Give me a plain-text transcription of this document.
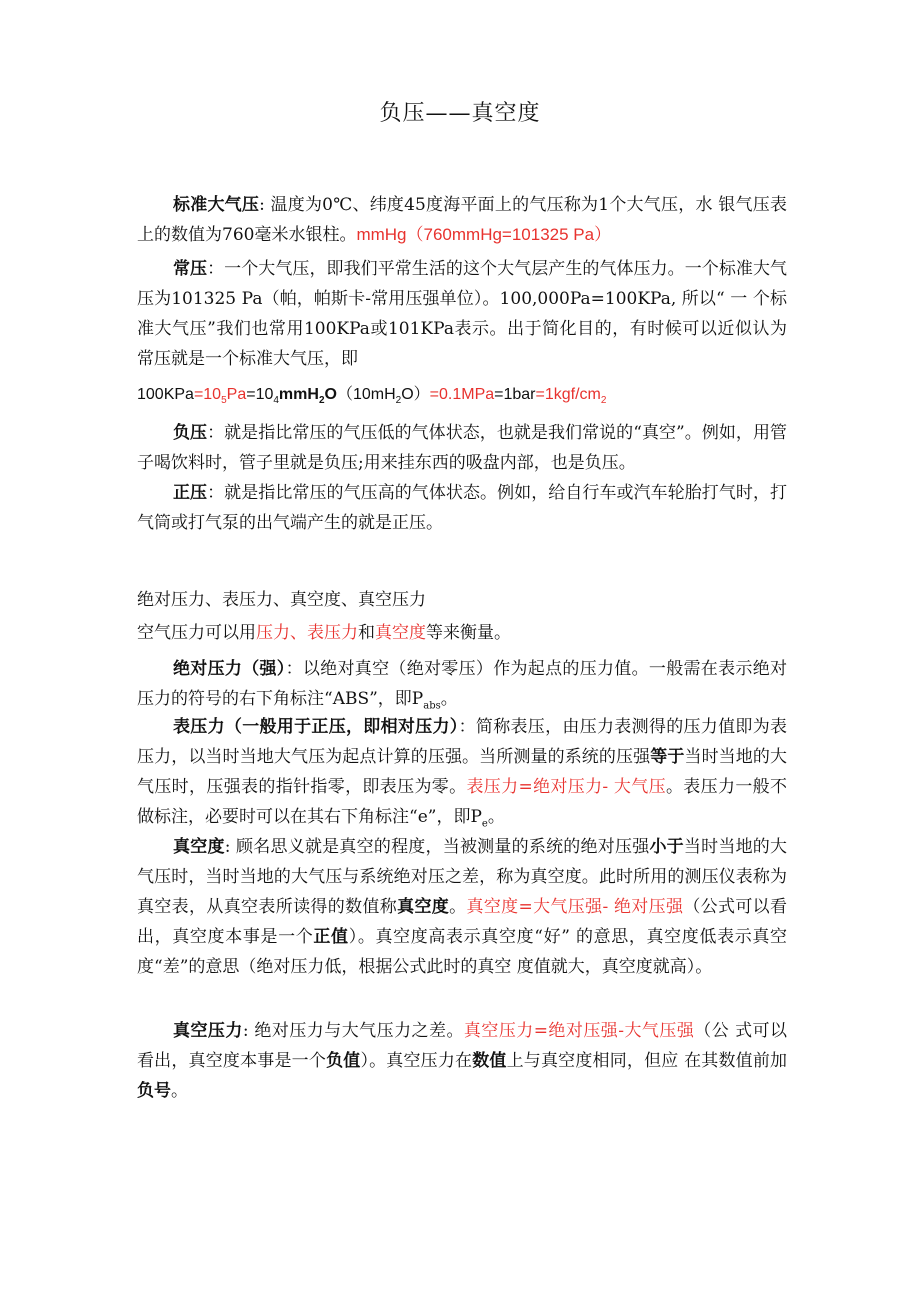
负压——真空度
标准大气压: 温度为0℃、纬度45度海平面上的气压称为1个大气压，水 银气压表上的数值为760毫米水银柱。mmHg（760mmHg=101325 Pa）
常压：一个大气压，即我们平常生活的这个大气层产生的气体压力。一个标准大气压为101325 Pa（帕，帕斯卡-常用压强单位）。100,000Pa=100KPa, 所以“ 一 个标准大气压”我们也常用100KPa或101KPa表示。出于简化目的，有时候可以近似认为常压就是一个标准大气压，即
$100KPa=10_5Pa=10_4mmH_2O(10mH_2O)=0.1MPa=1bar=1kgf/cm_2$
负压：就是指比常压的气压低的气体状态，也就是我们常说的“真空”。例如，用管子喝饮料时，管子里就是负压;用来挂东西的吸盘内部，也是负压。
正压：就是指比常压的气压高的气体状态。例如，给自行车或汽车轮胎打气时，打气筒或打气泵的出气端产生的就是正压。
绝对压力、表压力、真空度、真空压力
空气压力可以用压力、表压力和真空度等来衡量。
绝对压力（强）：以绝对真空（绝对零压）作为起点的压力值。一般需在表示绝对压力的符号的右下角标注“ABS”，即$P_{abs}$。
表压力（一般用于正压，即相对压力）：简称表压，由压力表测得的压力值即为表压力，以当时当地大气压为起点计算的压强。当所测量的系统的压强等于当时当地的大气压时，压强表的指针指零，即表压为零。表压力=绝对压力- 大气压。表压力一般不做标注，必要时可以在其右下角标注“e”，即$P_e$。
真空度: 顾名思义就是真空的程度，当被测量的系统的绝对压强小于当时当地的大气压时，当时当地的大气压与系统绝对压之差，称为真空度。此时所用的测压仪表称为真空表，从真空表所读得的数值称真空度。真空度=大气压强- 绝对压强（公式可以看出，真空度本事是一个正值）。真空度高表示真空度“好” 的意思，真空度低表示真空度“差”的意思（绝对压力低，根据公式此时的真空 度值就大，真空度就高）。
真空压力: 绝对压力与大气压力之差。真空压力=绝对压强-大气压强（公 式可以看出，真空度本事是一个负值）。真空压力在数值上与真空度相同，但应 在其数值前加负号。
